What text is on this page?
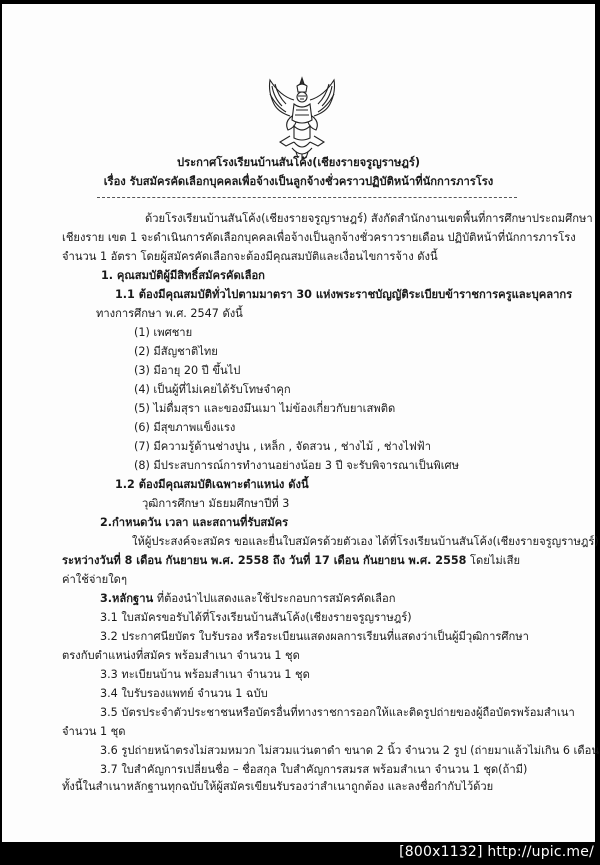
ประกาศโรงเรียนบ้านสันโค้ง(เชียงรายจรูญราษฎร์)
เรื่อง รับสมัครคัดเลือกบุคคลเพื่อจ้างเป็นลูกจ้างชั่วคราวปฏิบัติหน้าที่นักการภารโรง
ด้วยโรงเรียนบ้านสันโค้ง(เชียงรายจรูญราษฎร์) สังกัดสำนักงานเขตพื้นที่การศึกษาประถมศึกษา
เชียงราย เขต 1 จะดำเนินการคัดเลือกบุคคลเพื่อจ้างเป็นลูกจ้างชั่วคราวรายเดือน ปฏิบัติหน้าที่นักการภารโรง
จำนวน 1 อัตรา โดยผู้สมัครคัดเลือกจะต้องมีคุณสมบัติและเงื่อนไขการจ้าง ดังนี้
1. คุณสมบัติผู้มีสิทธิ์สมัครคัดเลือก
1.1 ต้องมีคุณสมบัติทั่วไปตามมาตรา 30 แห่งพระราชบัญญัติระเบียบข้าราชการครูและบุคลากร
ทางการศึกษา พ.ศ. 2547 ดังนี้
(1) เพศชาย
(2) มีสัญชาติไทย
(3) มีอายุ 20 ปี ขึ้นไป
(4) เป็นผู้ที่ไม่เคยได้รับโทษจำคุก
(5) ไม่ดื่มสุรา และของมึนเมา ไม่ข้องเกี่ยวกับยาเสพติด
(6) มีสุขภาพแข็งแรง
(7) มีความรู้ด้านช่างปูน , เหล็ก , จัดสวน , ช่างไม้ , ช่างไฟฟ้า
(8) มีประสบการณ์การทำงานอย่างน้อย 3 ปี จะรับพิจารณาเป็นพิเศษ
1.2 ต้องมีคุณสมบัติเฉพาะตำแหน่ง ดังนี้
วุฒิการศึกษา มัธยมศึกษาปีที่ 3
2.กำหนดวัน เวลา และสถานที่รับสมัคร
ให้ผู้ประสงค์จะสมัคร ขอและยื่นใบสมัครด้วยตัวเอง ได้ที่โรงเรียนบ้านสันโค้ง(เชียงรายจรูญราษฎร์)
ระหว่างวันที่ 8 เดือน กันยายน พ.ศ. 2558 ถึง วันที่ 17 เดือน กันยายน พ.ศ. 2558 โดยไม่เสีย
ค่าใช้จ่ายใดๆ
3.หลักฐาน ที่ต้องนำไปแสดงและใช้ประกอบการสมัครคัดเลือก
3.1 ใบสมัครขอรับได้ที่โรงเรียนบ้านสันโค้ง(เชียงรายจรูญราษฎร์)
3.2 ประกาศนียบัตร ใบรับรอง หรือระเบียนแสดงผลการเรียนที่แสดงว่าเป็นผู้มีวุฒิการศึกษา
ตรงกับตำแหน่งที่สมัคร พร้อมสำเนา จำนวน 1 ชุด
3.3 ทะเบียนบ้าน พร้อมสำเนา จำนวน 1 ชุด
3.4 ใบรับรองแพทย์ จำนวน 1 ฉบับ
3.5 บัตรประจำตัวประชาชนหรือบัตรอื่นที่ทางราชการออกให้และติดรูปถ่ายของผู้ถือบัตรพร้อมสำเนา
จำนวน 1 ชุด
3.6 รูปถ่ายหน้าตรงไม่สวมหมวก ไม่สวมแว่นตาดำ ขนาด 2 นิ้ว จำนวน 2 รูป (ถ่ายมาแล้วไม่เกิน 6 เดือน
3.7 ใบสำคัญการเปลี่ยนชื่อ – ชื่อสกุล ใบสำคัญการสมรส พร้อมสำเนา จำนวน 1 ชุด(ถ้ามี)
ทั้งนี้ในสำเนาหลักฐานทุกฉบับให้ผู้สมัครเขียนรับรองว่าสำเนาถูกต้อง และลงชื่อกำกับไว้ด้วย
[800x1132] http://upic.me/
